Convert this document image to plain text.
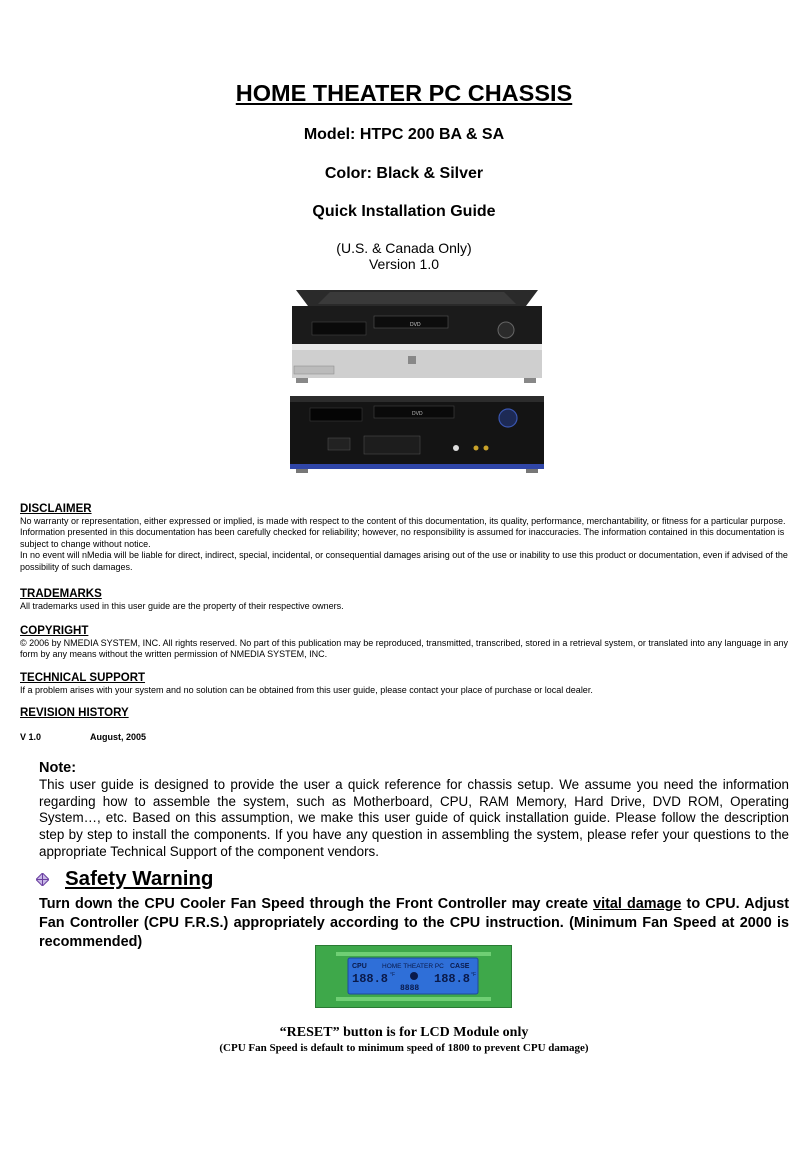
HOME THEATER PC CHASSIS
Model: HTPC 200 BA & SA
Color: Black & Silver
Quick Installation Guide
(U.S. & Canada Only)
Version 1.0
DVD
DVD

DISCLAIMER

No warranty or representation, either expressed or implied, is made with respect to the content of this documentation, its quality, performance, merchantability, or fitness for a particular purpose. Information presented in this documentation has been carefully checked for reliability; however, no responsibility is assumed for inaccuracies. The information contained in this documentation is subject to change without notice.

In no event will nMedia will be liable for direct, indirect, special, incidental, or consequential damages arising out of the use or inability to use this product or documentation, even if advised of the possibility of such damages.

TRADEMARKS

All trademarks used in this user guide are the property of their respective owners.

COPYRIGHT

© 2006 by NMEDIA SYSTEM, INC. All rights reserved. No part of this publication may be reproduced, transmitted, transcribed, stored in a retrieval system, or translated into any language in any form by any means without the written permission of NMEDIA SYSTEM, INC.

TECHNICAL SUPPORT

If a problem arises with your system and no solution can be obtained from this user guide, please contact your place of purchase or local dealer.

REVISION HISTORY

V 1.0	August, 2005
Note:
This user guide is designed to provide the user a quick reference for chassis setup. We assume you need the information regarding how to assemble the system, such as Motherboard, CPU, RAM Memory, Hard Drive, DVD ROM, Operating System…, etc. Based on this assumption, we make this user guide of quick installation guide. Please follow the description step by step to install the components. If you have any question in assembling the system, please refer your questions to the appropriate Technical Support of the component vendors.
Safety Warning
Turn down the CPU Cooler Fan Speed through the Front Controller may create vital damage to CPU. Adjust Fan Controller (CPU F.R.S.) appropriately according to the CPU instruction. (Minimum Fan Speed at 2000 is recommended)
CPU HOME THEATER PC CASE
188.8 °F	188.8 °F
8888
“RESET” button is for LCD Module only
(CPU Fan Speed is default to minimum speed of 1800 to prevent CPU damage)
